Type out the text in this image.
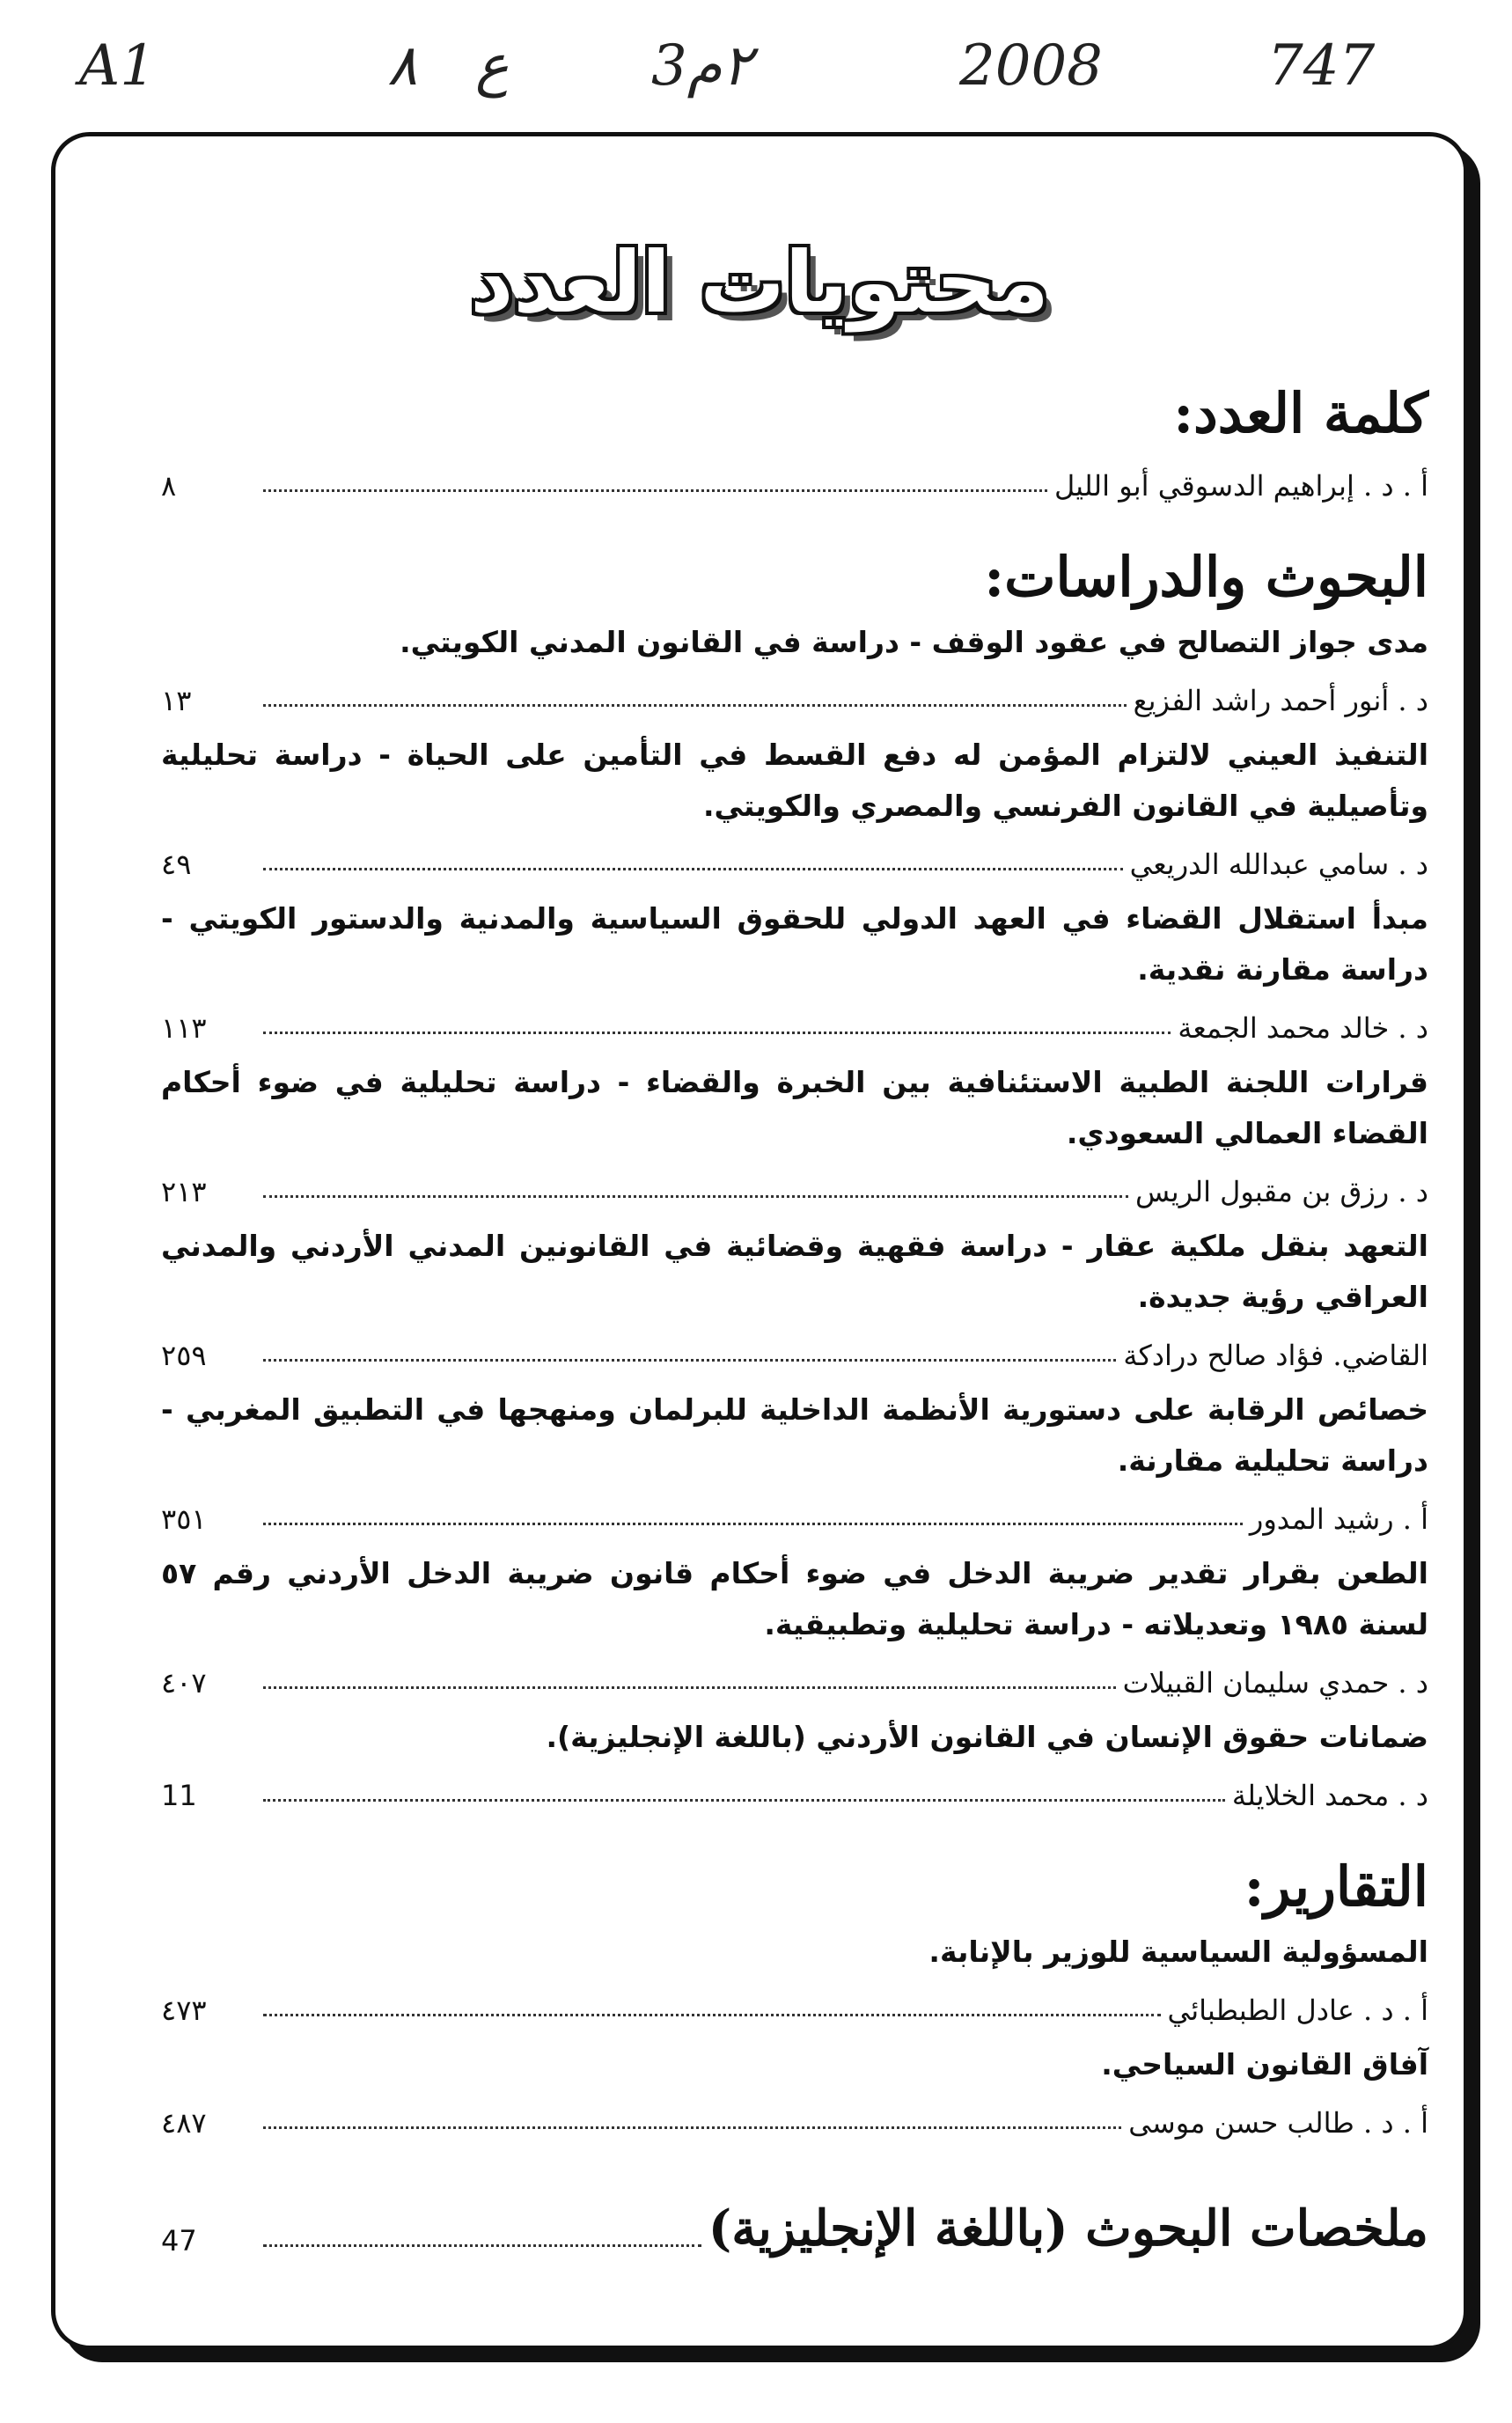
A1	٨ ع	3٢م	2008	747
محتويات العدد
كلمة العدد:
أ . د . إبراهيم الدسوقي أبو الليل
٨
البحوث والدراسات:

مدى جواز التصالح في عقود الوقف - دراسة في القانون المدني الكويتي.

د . أنور أحمد راشد الفزيع
١٣

التنفيذ العيني لالتزام المؤمن له دفع القسط في التأمين على الحياة - دراسة تحليلية وتأصيلية في القانون الفرنسي والمصري والكويتي.

د . سامي عبدالله الدريعي
٤٩

مبدأ استقلال القضاء في العهد الدولي للحقوق السياسية والمدنية والدستور الكويتي - دراسة مقارنة نقدية.

د . خالد محمد الجمعة
١١٣

قرارات اللجنة الطبية الاستئنافية بين الخبرة والقضاء - دراسة تحليلية في ضوء أحكام القضاء العمالي السعودي.

د . رزق بن مقبول الريس
٢١٣

التعهد بنقل ملكية عقار - دراسة فقهية وقضائية في القانونين المدني الأردني والمدني العراقي رؤية جديدة.

القاضي. فؤاد صالح درادكة
٢٥٩

خصائص الرقابة على دستورية الأنظمة الداخلية للبرلمان ومنهجها في التطبيق المغربي - دراسة تحليلية مقارنة.

أ . رشيد المدور
٣٥١

الطعن بقرار تقدير ضريبة الدخل في ضوء أحكام قانون ضريبة الدخل الأردني رقم ٥٧ لسنة ١٩٨٥ وتعديلاته - دراسة تحليلية وتطبيقية.

د . حمدي سليمان القبيلات
٤٠٧

ضمانات حقوق الإنسان في القانون الأردني (باللغة الإنجليزية).

د . محمد الخلايلة
11
التقارير:

المسؤولية السياسية للوزير بالإنابة.

أ . د . عادل الطبطبائي
٤٧٣

آفاق القانون السياحي.

أ . د . طالب حسن موسى
٤٨٧
ملخصات البحوث (باللغة الإنجليزية)
47
